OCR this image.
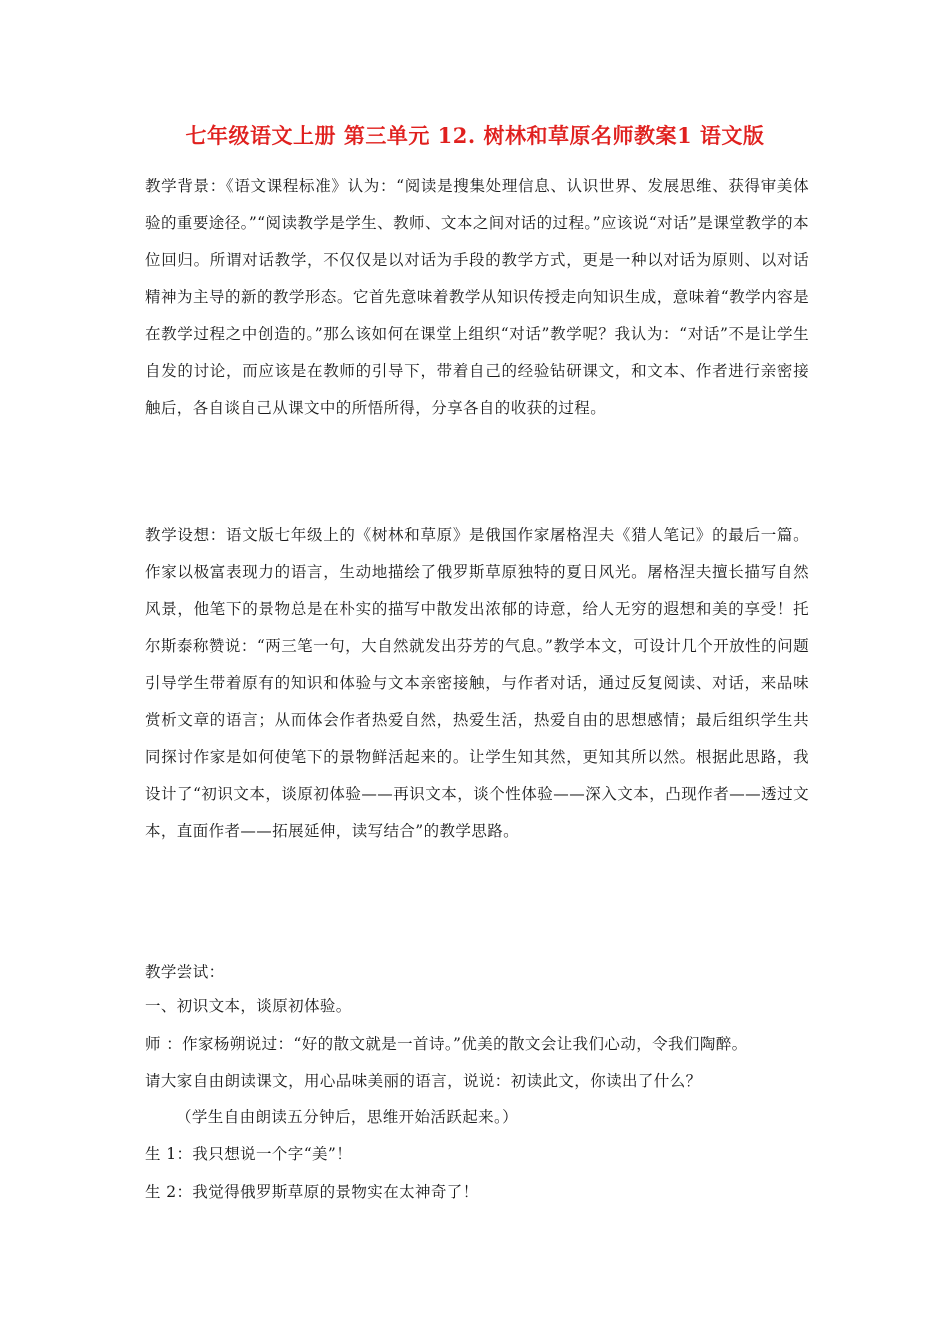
七年级语文上册 第三单元 12. 树林和草原名师教案1 语文版
教学背景：《语文课程标准》认为：“阅读是搜集处理信息、认识世界、发展思维、获得审美体验的重要途径。”“阅读教学是学生、教师、文本之间对话的过程。”应该说“对话”是课堂教学的本位回归。所谓对话教学，不仅仅是以对话为手段的教学方式，更是一种以对话为原则、以对话精神为主导的新的教学形态。它首先意味着教学从知识传授走向知识生成，意味着“教学内容是在教学过程之中创造的。”那么该如何在课堂上组织“对话”教学呢？我认为：“对话”不是让学生自发的讨论，而应该是在教师的引导下，带着自己的经验钻研课文，和文本、作者进行亲密接触后，各自谈自己从课文中的所悟所得，分享各自的收获的过程。
教学设想：语文版七年级上的《树林和草原》是俄国作家屠格涅夫《猎人笔记》的最后一篇。作家以极富表现力的语言，生动地描绘了俄罗斯草原独特的夏日风光。屠格涅夫擅长描写自然风景，他笔下的景物总是在朴实的描写中散发出浓郁的诗意，给人无穷的遐想和美的享受！托尔斯泰称赞说：“两三笔一句，大自然就发出芬芳的气息。”教学本文，可设计几个开放性的问题引导学生带着原有的知识和体验与文本亲密接触，与作者对话，通过反复阅读、对话，来品味赏析文章的语言；从而体会作者热爱自然，热爱生活，热爱自由的思想感情；最后组织学生共同探讨作家是如何使笔下的景物鲜活起来的。让学生知其然，更知其所以然。根据此思路，我设计了“初识文本，谈原初体验——再识文本，谈个性体验——深入文本，凸现作者——透过文本，直面作者——拓展延伸，读写结合”的教学思路。
教学尝试：
一、初识文本，谈原初体验。
师 ：作家杨朔说过：“好的散文就是一首诗。”优美的散文会让我们心动，令我们陶醉。
请大家自由朗读课文，用心品味美丽的语言，说说：初读此文，你读出了什么？
（学生自由朗读五分钟后，思维开始活跃起来。）
生 1：我只想说一个字“美”！
生 2：我觉得俄罗斯草原的景物实在太神奇了！
